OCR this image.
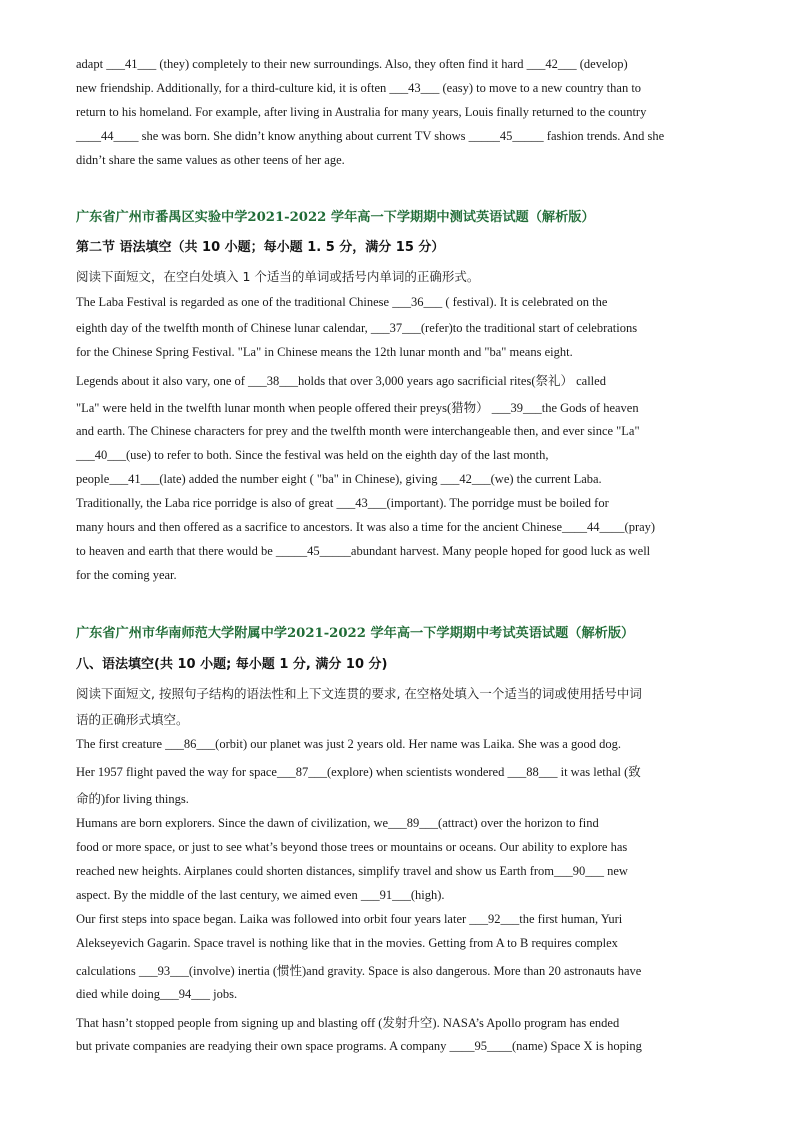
adapt ___41___ (they) completely to their new surroundings. Also, they often find it hard ___42___ (develop)
new friendship. Additionally, for a third-culture kid, it is often ___43___ (easy) to move to a new country than to
return to his homeland. For example, after living in Australia for many years, Louis finally returned to the country
____44____ she was born. She didn’t know anything about current TV shows _____45_____ fashion trends. And she
didn’t share the same values as other teens of her age.
广东省广州市番禺区实验中学2021-2022 学年高一下学期期中测试英语试题（解析版）
第二节 语法填空（共 10 小题；每小题 1. 5 分，满分 15 分）
阅读下面短文，在空白处填入 1 个适当的单词或括号内单词的正确形式。
The Laba Festival is regarded as one of the traditional Chinese ___36___ ( festival). It is celebrated on the
eighth day of the twelfth month of Chinese lunar calendar, ___37___(refer)to the traditional start of celebrations
for the Chinese Spring Festival. "La" in Chinese means the 12th lunar month and "ba" means eight.
Legends about it also vary, one of ___38___holds that over 3,000 years ago sacrificial rites(祭礼） called
"La" were held in the twelfth lunar month when people offered their preys(猎物） ___39___the Gods of heaven
and earth. The Chinese characters for prey and the twelfth month were interchangeable then, and ever since "La"
___40___(use) to refer to both. Since the festival was held on the eighth day of the last month,
people___41___(late) added the number eight ( "ba" in Chinese), giving ___42___(we) the current Laba.
Traditionally, the Laba rice porridge is also of great ___43___(important). The porridge must be boiled for
many hours and then offered as a sacrifice to ancestors. It was also a time for the ancient Chinese____44____(pray)
to heaven and earth that there would be _____45_____abundant harvest. Many people hoped for good luck as well
for the coming year.
广东省广州市华南师范大学附属中学2021-2022 学年高一下学期期中考试英语试题（解析版）
八、语法填空(共 10 小题; 每小题 1 分, 满分 10 分)
阅读下面短文, 按照句子结构的语法性和上下文连贯的要求, 在空格处填入一个适当的词或使用括号中词
语的正确形式填空。
The first creature ___86___(orbit) our planet was just 2 years old. Her name was Laika. She was a good dog.
Her 1957 flight paved the way for space___87___(explore) when scientists wondered ___88___ it was lethal (致
命的)for living things.
Humans are born explorers. Since the dawn of civilization, we___89___(attract) over the horizon to find
food or more space, or just to see what’s beyond those trees or mountains or oceans. Our ability to explore has
reached new heights. Airplanes could shorten distances, simplify travel and show us Earth from___90___ new
aspect. By the middle of the last century, we aimed even ___91___(high).
Our first steps into space began. Laika was followed into orbit four years later ___92___the first human, Yuri
Alekseyevich Gagarin. Space travel is nothing like that in the movies. Getting from A to B requires complex
calculations ___93___(involve) inertia (惯性)and gravity. Space is also dangerous. More than 20 astronauts have
died while doing___94___ jobs.
That hasn’t stopped people from signing up and blasting off (发射升空). NASA’s Apollo program has ended
but private companies are readying their own space programs. A company ____95____(name) Space X is hoping
